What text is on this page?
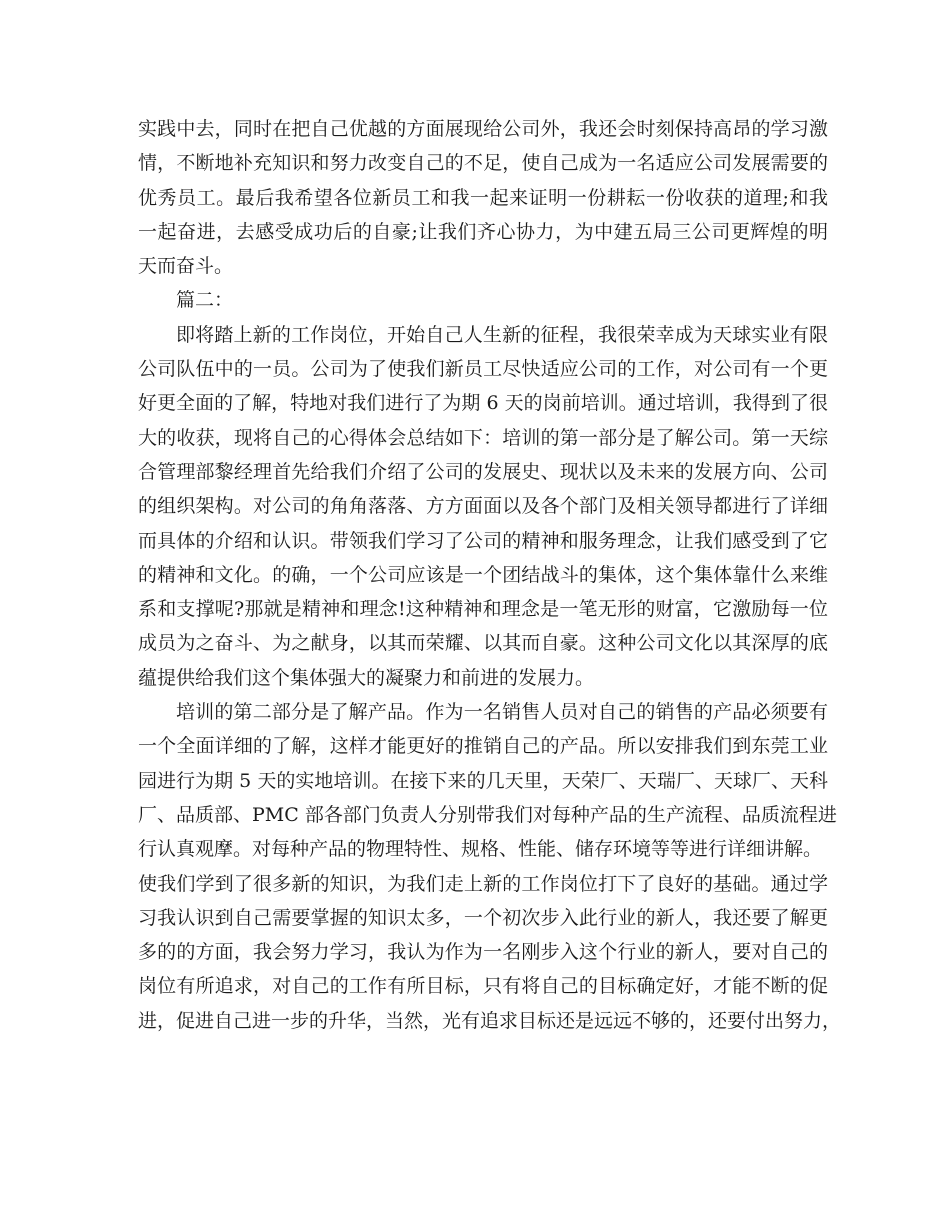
实践中去，同时在把自己优越的方面展现给公司外，我还会时刻保持高昂的学习激
情，不断地补充知识和努力改变自己的不足，使自己成为一名适应公司发展需要的
优秀员工。最后我希望各位新员工和我一起来证明一份耕耘一份收获的道理;和我
一起奋进，去感受成功后的自豪;让我们齐心协力，为中建五局三公司更辉煌的明
天而奋斗。
篇二：
即将踏上新的工作岗位，开始自己人生新的征程，我很荣幸成为天球实业有限
公司队伍中的一员。公司为了使我们新员工尽快适应公司的工作，对公司有一个更
好更全面的了解，特地对我们进行了为期 6 天的岗前培训。通过培训，我得到了很
大的收获，现将自己的心得体会总结如下：培训的第一部分是了解公司。第一天综
合管理部黎经理首先给我们介绍了公司的发展史、现状以及未来的发展方向、公司
的组织架构。对公司的角角落落、方方面面以及各个部门及相关领导都进行了详细
而具体的介绍和认识。带领我们学习了公司的精神和服务理念，让我们感受到了它
的精神和文化。的确，一个公司应该是一个团结战斗的集体，这个集体靠什么来维
系和支撑呢?那就是精神和理念!这种精神和理念是一笔无形的财富，它激励每一位
成员为之奋斗、为之献身，以其而荣耀、以其而自豪。这种公司文化以其深厚的底
蕴提供给我们这个集体强大的凝聚力和前进的发展力。
培训的第二部分是了解产品。作为一名销售人员对自己的销售的产品必须要有
一个全面详细的了解，这样才能更好的推销自己的产品。所以安排我们到东莞工业
园进行为期 5 天的实地培训。在接下来的几天里，天荣厂、天瑞厂、天球厂、天科
厂、品质部、PMC 部各部门负责人分别带我们对每种产品的生产流程、品质流程进
行认真观摩。对每种产品的物理特性、规格、性能、储存环境等等进行详细讲解。
使我们学到了很多新的知识，为我们走上新的工作岗位打下了良好的基础。通过学
习我认识到自己需要掌握的知识太多，一个初次步入此行业的新人，我还要了解更
多的的方面，我会努力学习，我认为作为一名刚步入这个行业的新人，要对自己的
岗位有所追求，对自己的工作有所目标，只有将自己的目标确定好，才能不断的促
进，促进自己进一步的升华，当然，光有追求目标还是远远不够的，还要付出努力，
